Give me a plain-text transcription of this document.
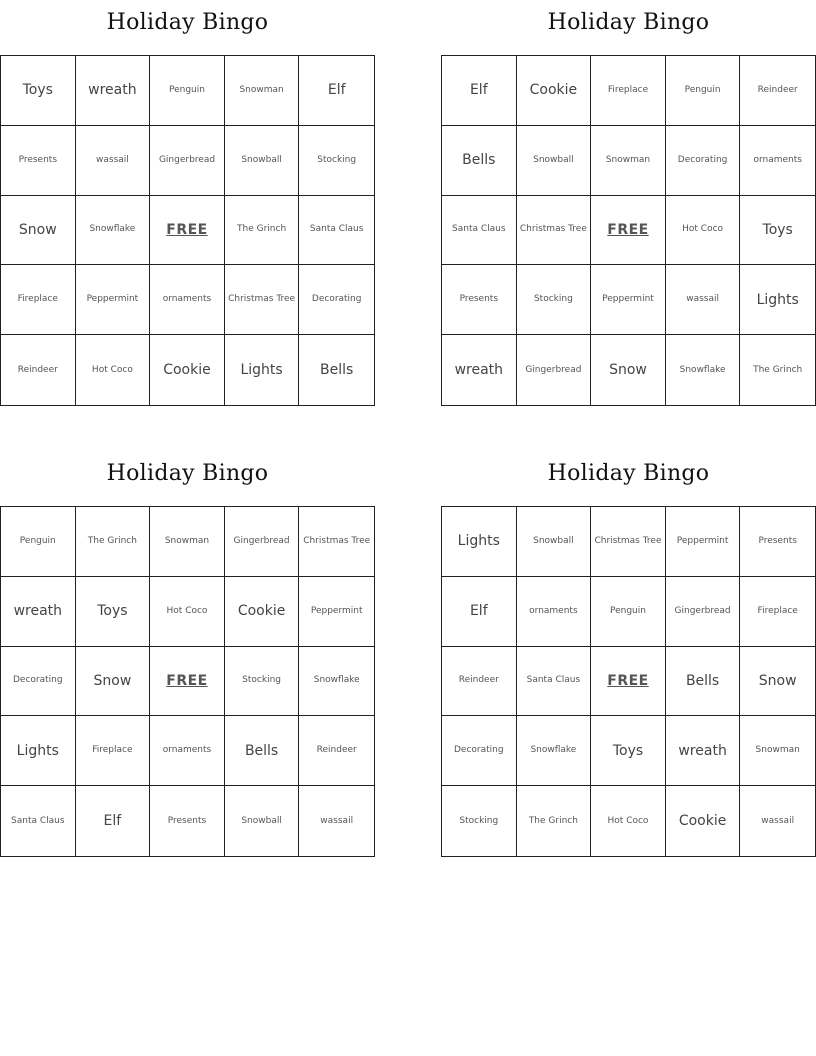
Holiday Bingo
Toys	wreath	Penguin	Snowman	Elf
Presents	wassail	Gingerbread	Snowball	Stocking
Snow	Snowflake	FREE	The Grinch	Santa Claus
Fireplace	Peppermint	ornaments	Christmas Tree	Decorating
Reindeer	Hot Coco	Cookie	Lights	Bells
Holiday Bingo
Elf	Cookie	Fireplace	Penguin	Reindeer
Bells	Snowball	Snowman	Decorating	ornaments
Santa Claus	Christmas Tree	FREE	Hot Coco	Toys
Presents	Stocking	Peppermint	wassail	Lights
wreath	Gingerbread	Snow	Snowflake	The Grinch
Holiday Bingo
Penguin	The Grinch	Snowman	Gingerbread	Christmas Tree
wreath	Toys	Hot Coco	Cookie	Peppermint
Decorating	Snow	FREE	Stocking	Snowflake
Lights	Fireplace	ornaments	Bells	Reindeer
Santa Claus	Elf	Presents	Snowball	wassail
Holiday Bingo
Lights	Snowball	Christmas Tree	Peppermint	Presents
Elf	ornaments	Penguin	Gingerbread	Fireplace
Reindeer	Santa Claus	FREE	Bells	Snow
Decorating	Snowflake	Toys	wreath	Snowman
Stocking	The Grinch	Hot Coco	Cookie	wassail
